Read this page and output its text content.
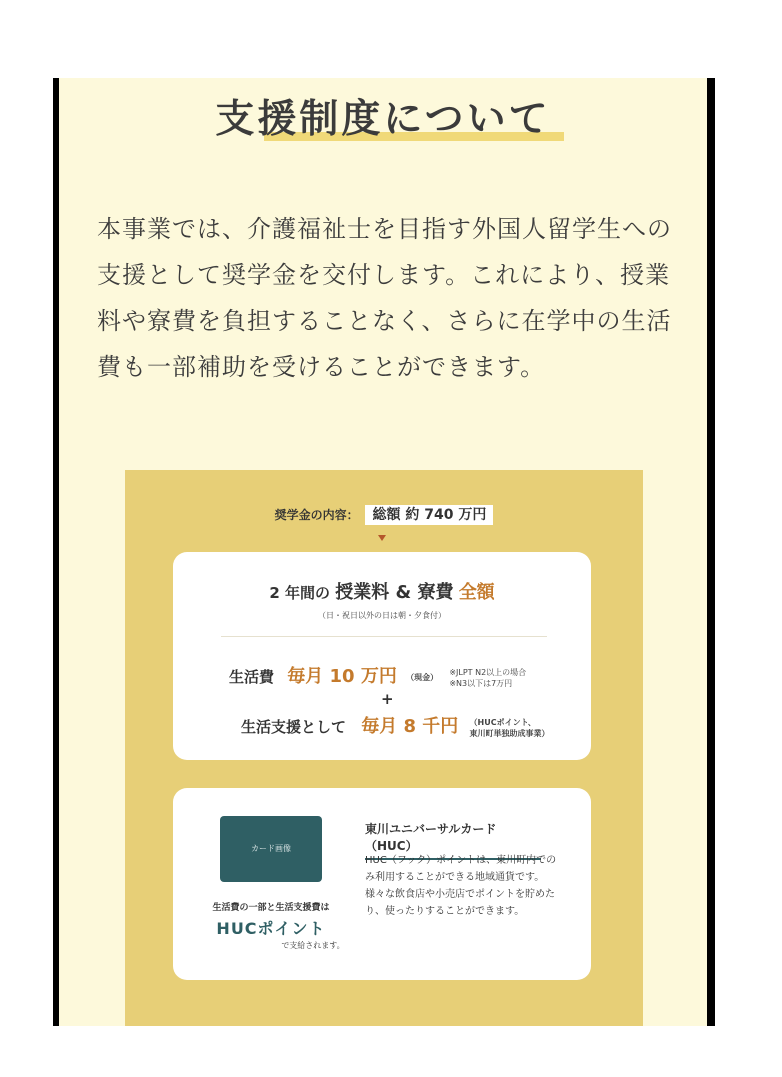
支援制度について
本事業では、介護福祉士を目指す外国人留学生への支援として奨学金を交付します。これにより、授業料や寮費を負担することなく、さらに在学中の生活費も一部補助を受けることができます。
奨学金の内容： 総額 約 740 万円
2 年間の 授業料 & 寮費 全額
（日・祝日以外の日は朝・夕食付）
生活費 毎月 10 万円 （現金） ※JLPT N2以上の場合
※N3以下は7万円
+
生活支援として 毎月 8 千円 （HUCポイント、
東川町単独助成事業）
カード画像
生活費の一部と生活支援費は
HUCポイント
で支給されます。
東川ユニバーサルカード（HUC）
HUC（フック）ポイントは、東川町内でのみ利用することができる地域通貨です。様々な飲食店や小売店でポイントを貯めたり、使ったりすることができます。
